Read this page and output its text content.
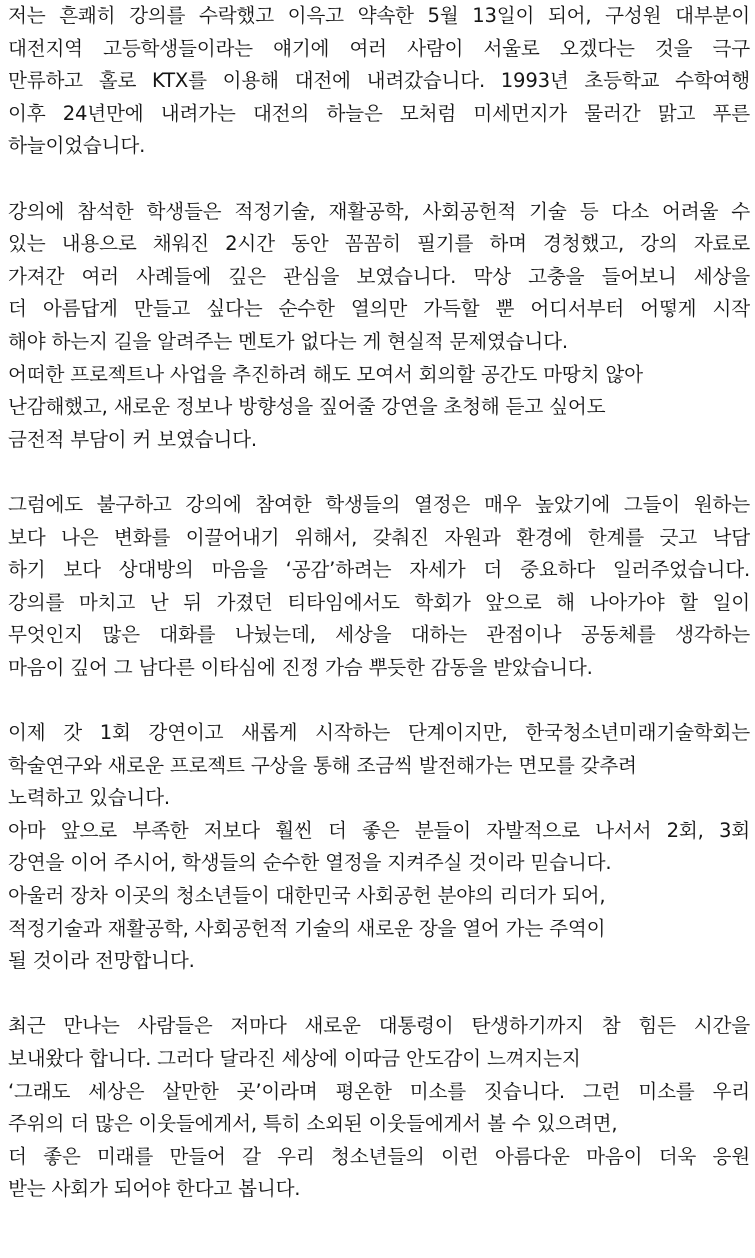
저는 흔쾌히 강의를 수락했고 이윽고 약속한 5월 13일이 되어, 구성원 대부분이
대전지역 고등학생들이라는 얘기에 여러 사람이 서울로 오겠다는 것을 극구
만류하고 홀로 KTX를 이용해 대전에 내려갔습니다. 1993년 초등학교 수학여행
이후 24년만에 내려가는 대전의 하늘은 모처럼 미세먼지가 물러간 맑고 푸른
하늘이었습니다.
강의에 참석한 학생들은 적정기술, 재활공학, 사회공헌적 기술 등 다소 어려울 수
있는 내용으로 채워진 2시간 동안 꼼꼼히 필기를 하며 경청했고, 강의 자료로
가져간 여러 사례들에 깊은 관심을 보였습니다. 막상 고충을 들어보니 세상을
더 아름답게 만들고 싶다는 순수한 열의만 가득할 뿐 어디서부터 어떻게 시작
해야 하는지 길을 알려주는 멘토가 없다는 게 현실적 문제였습니다.
어떠한 프로젝트나 사업을 추진하려 해도 모여서 회의할 공간도 마땅치 않아
난감해했고, 새로운 정보나 방향성을 짚어줄 강연을 초청해 듣고 싶어도
금전적 부담이 커 보였습니다.
그럼에도 불구하고 강의에 참여한 학생들의 열정은 매우 높았기에 그들이 원하는
보다 나은 변화를 이끌어내기 위해서, 갖춰진 자원과 환경에 한계를 긋고 낙담
하기 보다 상대방의 마음을 ‘공감’하려는 자세가 더 중요하다 일러주었습니다.
강의를 마치고 난 뒤 가졌던 티타임에서도 학회가 앞으로 해 나아가야 할 일이
무엇인지 많은 대화를 나눴는데, 세상을 대하는 관점이나 공동체를 생각하는
마음이 깊어 그 남다른 이타심에 진정 가슴 뿌듯한 감동을 받았습니다.
이제 갓 1회 강연이고 새롭게 시작하는 단계이지만, 한국청소년미래기술학회는
학술연구와 새로운 프로젝트 구상을 통해 조금씩 발전해가는 면모를 갖추려
노력하고 있습니다.
아마 앞으로 부족한 저보다 훨씬 더 좋은 분들이 자발적으로 나서서 2회, 3회
강연을 이어 주시어, 학생들의 순수한 열정을 지켜주실 것이라 믿습니다.
아울러 장차 이곳의 청소년들이 대한민국 사회공헌 분야의 리더가 되어,
적정기술과 재활공학, 사회공헌적 기술의 새로운 장을 열어 가는 주역이
될 것이라 전망합니다.
최근 만나는 사람들은 저마다 새로운 대통령이 탄생하기까지 참 힘든 시간을
보내왔다 합니다. 그러다 달라진 세상에 이따금 안도감이 느껴지는지
‘그래도 세상은 살만한 곳’이라며 평온한 미소를 짓습니다. 그런 미소를 우리
주위의 더 많은 이웃들에게서, 특히 소외된 이웃들에게서 볼 수 있으려면,
더 좋은 미래를 만들어 갈 우리 청소년들의 이런 아름다운 마음이 더욱 응원
받는 사회가 되어야 한다고 봅니다.
